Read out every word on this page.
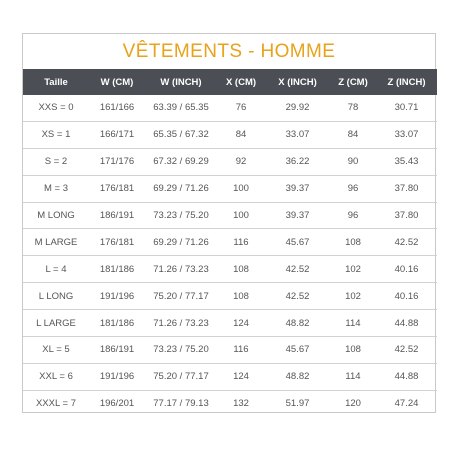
VÊTEMENTS - HOMME
Taille	W (CM)	W (INCH)	X (CM)	X (INCH)	Z (CM)	Z (INCH)
XXS = 0	161/166	63.39 / 65.35	76	29.92	78	30.71
XS = 1	166/171	65.35 / 67.32	84	33.07	84	33.07
S = 2	171/176	67.32 / 69.29	92	36.22	90	35.43
M = 3	176/181	69.29 / 71.26	100	39.37	96	37.80
M LONG	186/191	73.23 / 75.20	100	39.37	96	37.80
M LARGE	176/181	69.29 / 71.26	116	45.67	108	42.52
L = 4	181/186	71.26 / 73.23	108	42.52	102	40.16
L LONG	191/196	75.20 / 77.17	108	42.52	102	40.16
L LARGE	181/186	71.26 / 73.23	124	48.82	114	44.88
XL = 5	186/191	73.23 / 75.20	116	45.67	108	42.52
XXL = 6	191/196	75.20 / 77.17	124	48.82	114	44.88
XXXL = 7	196/201	77.17 / 79.13	132	51.97	120	47.24
